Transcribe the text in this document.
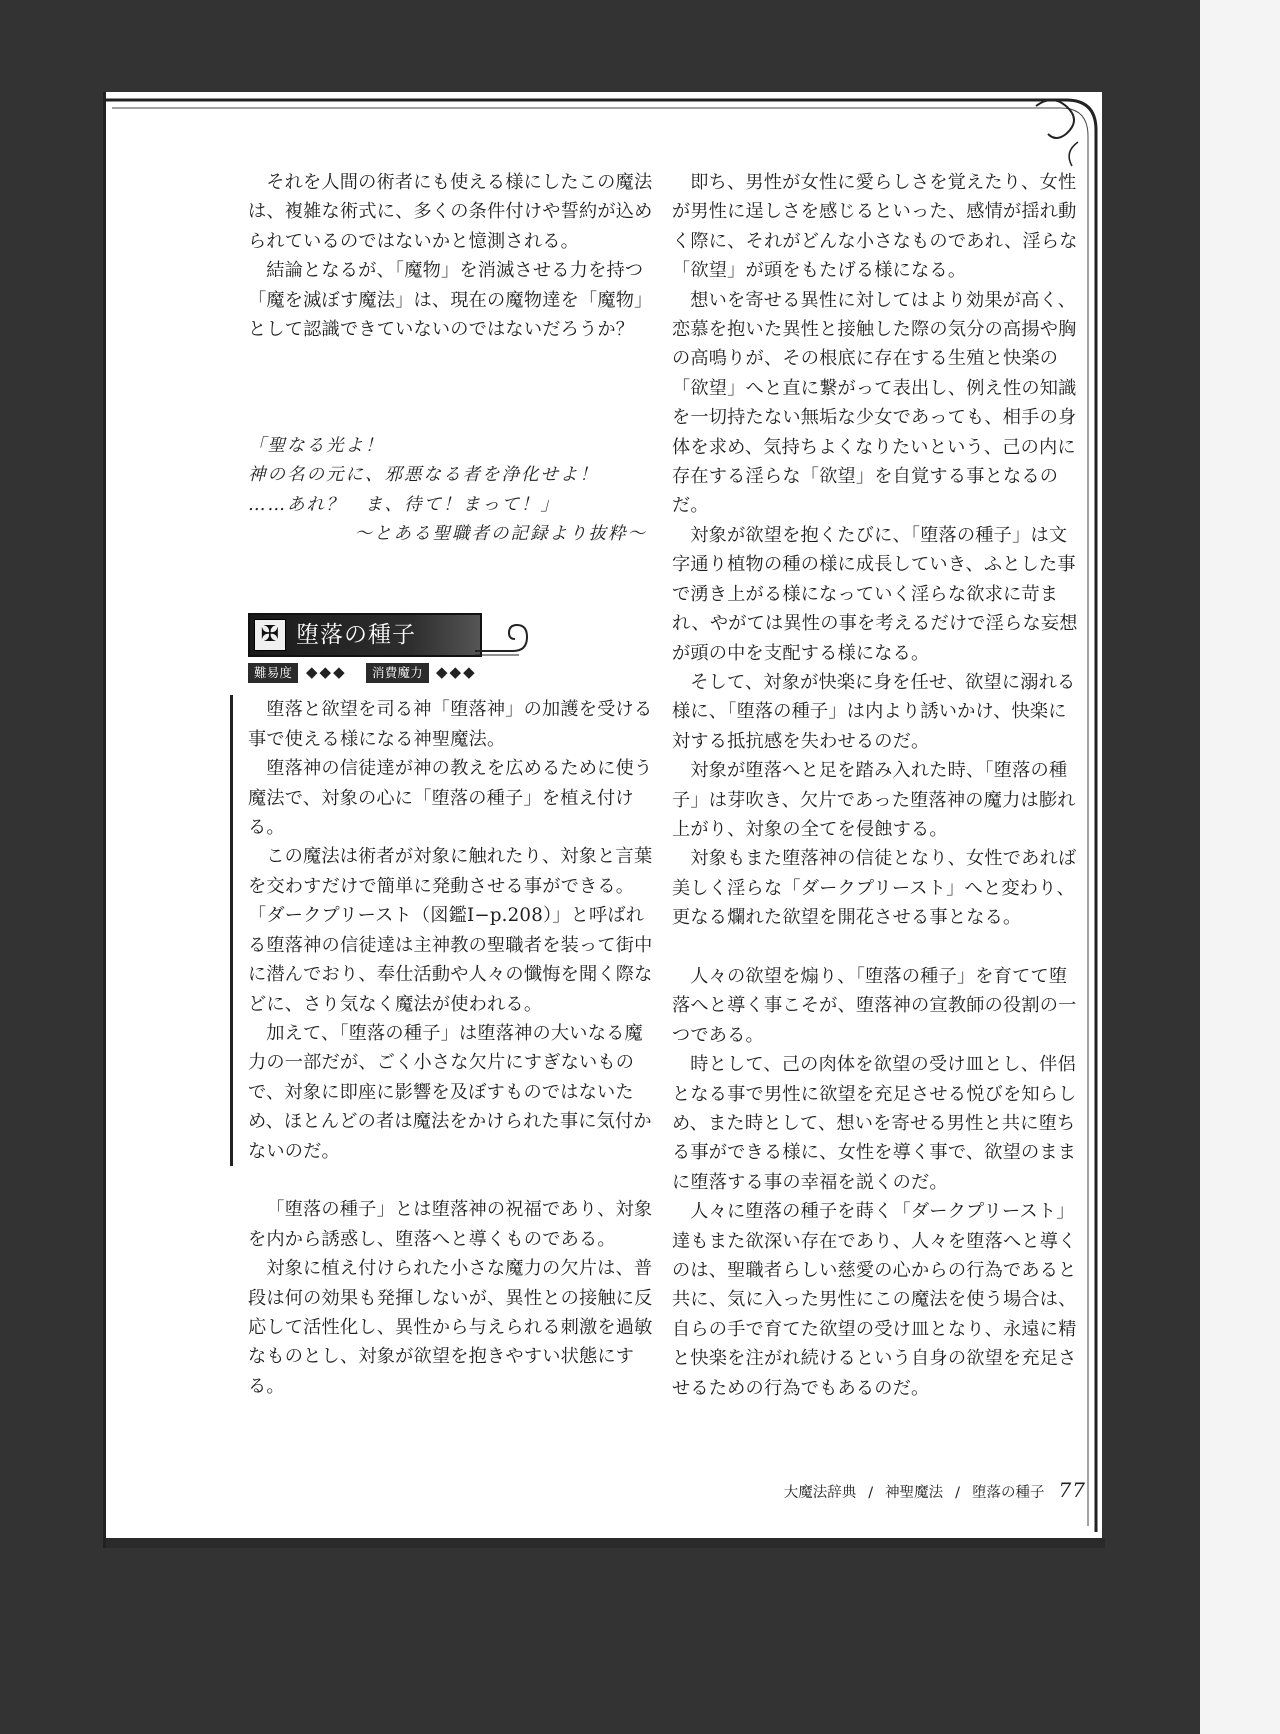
それを人間の術者にも使える様にしたこの魔法は、複雑な術式に、多くの条件付けや誓約が込められているのではないかと憶測される。

結論となるが、「魔物」を消滅させる力を持つ「魔を滅ぼす魔法」は、現在の魔物達を「魔物」として認識できていないのではないだろうか？

「聖なる光よ！

神の名の元に、邪悪なる者を浄化せよ！

……あれ？　ま、待て！まって！」

〜とある聖職者の記録より抜粋〜

✠ 堕落の種子
難易度 ◆◆◆	消費魔力 ◆◆◆

堕落と欲望を司る神「堕落神」の加護を受ける事で使える様になる神聖魔法。

堕落神の信徒達が神の教えを広めるために使う魔法で、対象の心に「堕落の種子」を植え付ける。

この魔法は術者が対象に触れたり、対象と言葉を交わすだけで簡単に発動させる事ができる。

「ダークプリースト（図鑑Ⅰ−p.208）」と呼ばれる堕落神の信徒達は主神教の聖職者を装って街中に潜んでおり、奉仕活動や人々の懺悔を聞く際などに、さり気なく魔法が使われる。

加えて、「堕落の種子」は堕落神の大いなる魔力の一部だが、ごく小さな欠片にすぎないもので、対象に即座に影響を及ぼすものではないため、ほとんどの者は魔法をかけられた事に気付かないのだ。

「堕落の種子」とは堕落神の祝福であり、対象を内から誘惑し、堕落へと導くものである。

対象に植え付けられた小さな魔力の欠片は、普段は何の効果も発揮しないが、異性との接触に反応して活性化し、異性から与えられる刺激を過敏なものとし、対象が欲望を抱きやすい状態にする。

即ち、男性が女性に愛らしさを覚えたり、女性が男性に逞しさを感じるといった、感情が揺れ動く際に、それがどんな小さなものであれ、淫らな「欲望」が頭をもたげる様になる。

想いを寄せる異性に対してはより効果が高く、恋慕を抱いた異性と接触した際の気分の高揚や胸の高鳴りが、その根底に存在する生殖と快楽の「欲望」へと直に繋がって表出し、例え性の知識を一切持たない無垢な少女であっても、相手の身体を求め、気持ちよくなりたいという、己の内に存在する淫らな「欲望」を自覚する事となるのだ。

対象が欲望を抱くたびに、「堕落の種子」は文字通り植物の種の様に成長していき、ふとした事で湧き上がる様になっていく淫らな欲求に苛まれ、やがては異性の事を考えるだけで淫らな妄想が頭の中を支配する様になる。

そして、対象が快楽に身を任せ、欲望に溺れる様に、「堕落の種子」は内より誘いかけ、快楽に対する抵抗感を失わせるのだ。

対象が堕落へと足を踏み入れた時、「堕落の種子」は芽吹き、欠片であった堕落神の魔力は膨れ上がり、対象の全てを侵蝕する。

対象もまた堕落神の信徒となり、女性であれば美しく淫らな「ダークプリースト」へと変わり、更なる爛れた欲望を開花させる事となる。

人々の欲望を煽り、「堕落の種子」を育てて堕落へと導く事こそが、堕落神の宣教師の役割の一つである。

時として、己の肉体を欲望の受け皿とし、伴侶となる事で男性に欲望を充足させる悦びを知らしめ、また時として、想いを寄せる男性と共に堕ちる事ができる様に、女性を導く事で、欲望のままに堕落する事の幸福を説くのだ。

人々に堕落の種子を蒔く「ダークプリースト」達もまた欲深い存在であり、人々を堕落へと導くのは、聖職者らしい慈愛の心からの行為であると共に、気に入った男性にこの魔法を使う場合は、自らの手で育てた欲望の受け皿となり、永遠に精と快楽を注がれ続けるという自身の欲望を充足させるための行為でもあるのだ。

大魔法辞典 / 神聖魔法 / 堕落の種子 77
